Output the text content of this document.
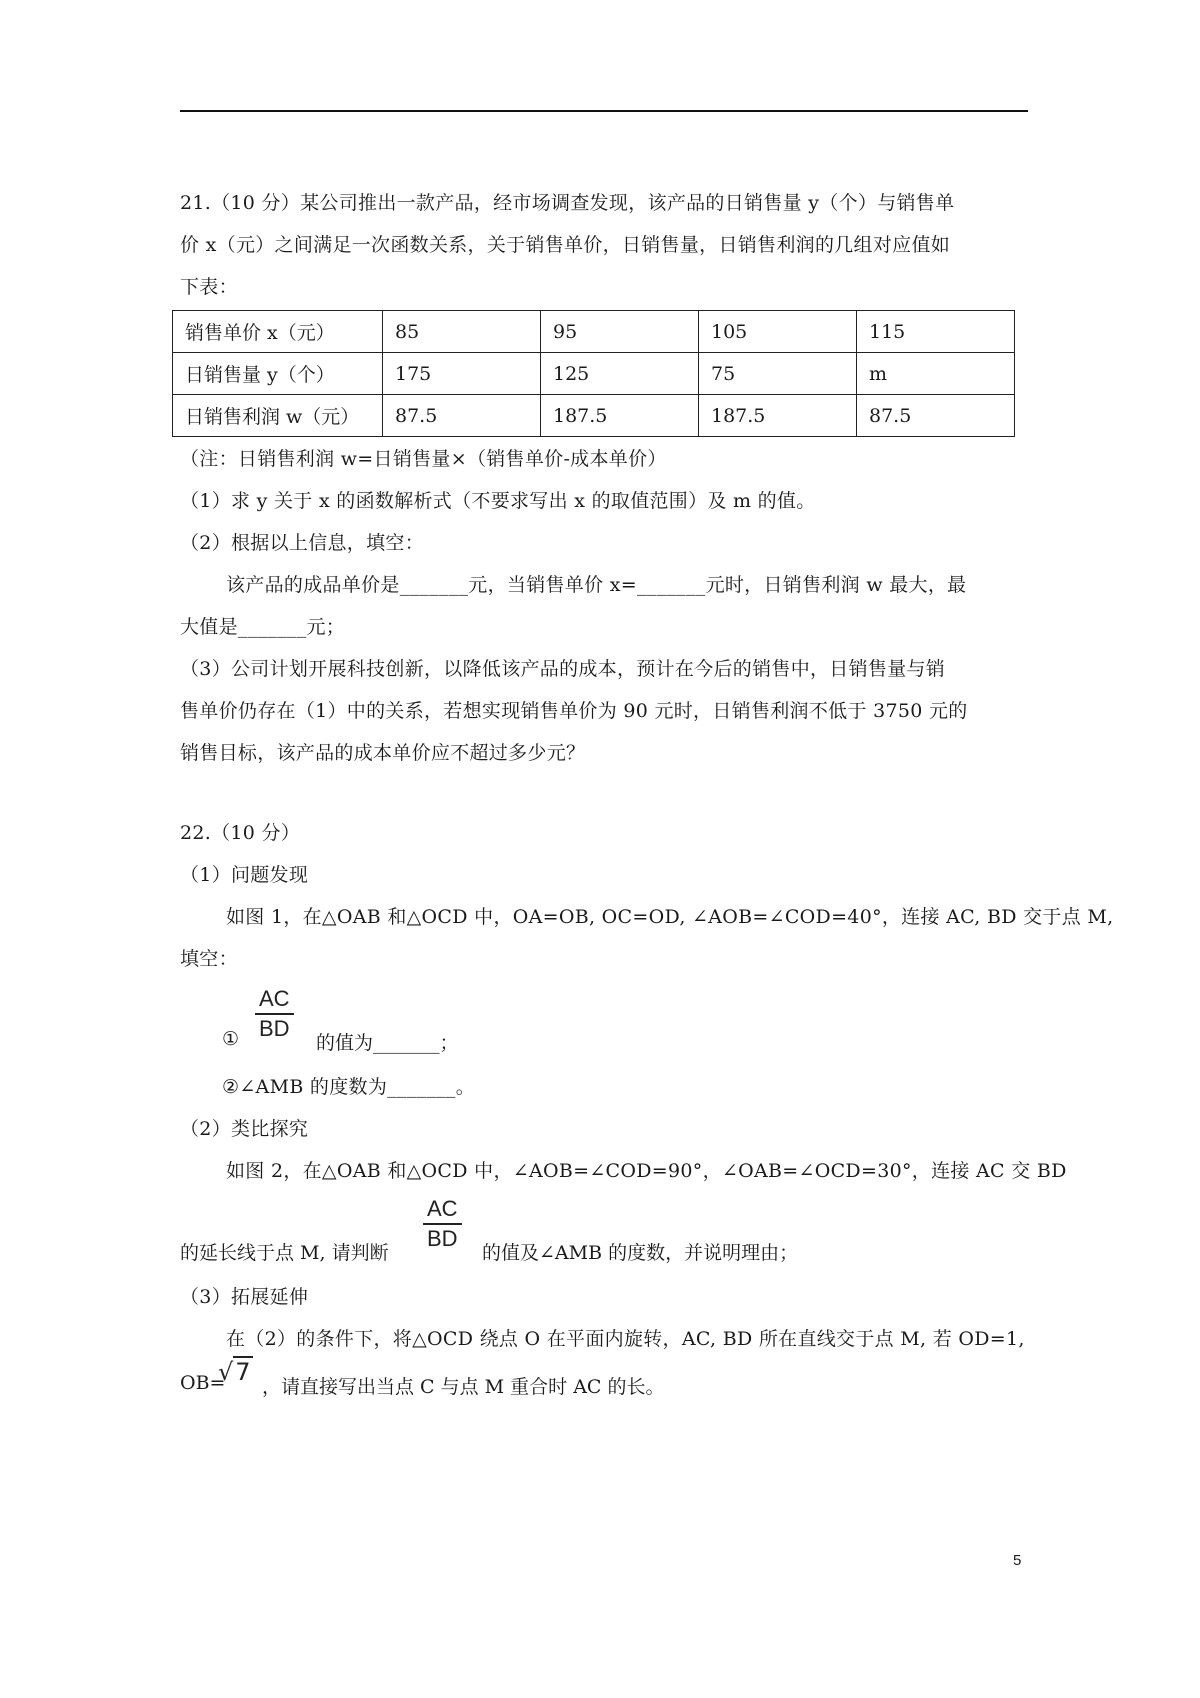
21.（10 分）某公司推出一款产品，经市场调查发现，该产品的日销售量 y（个）与销售单
价 x（元）之间满足一次函数关系，关于销售单价，日销售量，日销售利润的几组对应值如
下表：
销售单价 x（元）	85	95	105	115
日销售量 y（个）	175	125	75	m
日销售利润 w（元）	87.5	187.5	187.5	87.5
（注：日销售利润 w=日销售量×（销售单价-成本单价）
（1）求 y 关于 x 的函数解析式（不要求写出 x 的取值范围）及 m 的值。
（2）根据以上信息，填空：
该产品的成品单价是_______元，当销售单价 x=_______元时，日销售利润 w 最大，最
大值是_______元；
（3）公司计划开展科技创新，以降低该产品的成本，预计在今后的销售中，日销售量与销
售单价仍存在（1）中的关系，若想实现销售单价为 90 元时，日销售利润不低于 3750 元的
销售目标，该产品的成本单价应不超过多少元？
22.（10 分）
（1）问题发现
如图 1，在△OAB 和△OCD 中，OA=OB, OC=OD, ∠AOB=∠COD=40°，连接 AC, BD 交于点 M,
填空：
$\frac{AC}{BD}$
①	的值为_______；
②∠AMB 的度数为_______。
（2）类比探究
如图 2，在△OAB 和△OCD 中，∠AOB=∠COD=90°，∠OAB=∠OCD=30°，连接 AC 交 BD
$\frac{AC}{BD}$
的延长线于点 M, 请判断	的值及∠AMB 的度数，并说明理由；
（3）拓展延伸
在（2）的条件下，将△OCD 绕点 O 在平面内旋转，AC, BD 所在直线交于点 M, 若 OD=1,
OB=
√7
，请直接写出当点 C 与点 M 重合时 AC 的长。
5
